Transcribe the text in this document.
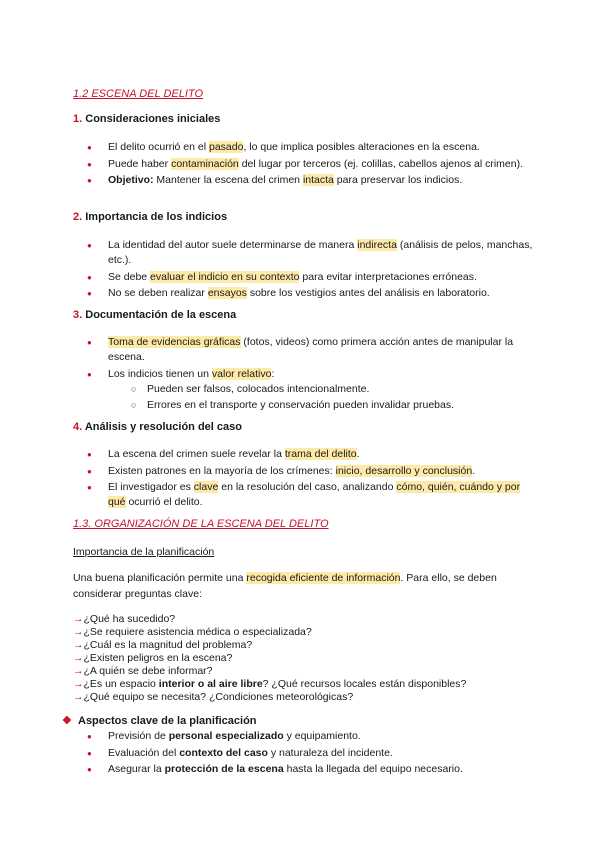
1.2 ESCENA DEL DELITO
1. Consideraciones iniciales
● El delito ocurrió en el pasado, lo que implica posibles alteraciones en la escena.
● Puede haber contaminación del lugar por terceros (ej. colillas, cabellos ajenos al crimen).
● Objetivo: Mantener la escena del crimen intacta para preservar los indicios.
2. Importancia de los indicios
● La identidad del autor suele determinarse de manera indirecta (análisis de pelos, manchas, etc.).
● Se debe evaluar el indicio en su contexto para evitar interpretaciones erróneas.
● No se deben realizar ensayos sobre los vestigios antes del análisis en laboratorio.
3. Documentación de la escena
● Toma de evidencias gráficas (fotos, videos) como primera acción antes de manipular la escena.
● Los indicios tienen un valor relativo:
○ Pueden ser falsos, colocados intencionalmente.
○ Errores en el transporte y conservación pueden invalidar pruebas.
4. Análisis y resolución del caso
● La escena del crimen suele revelar la trama del delito.
● Existen patrones en la mayoría de los crímenes: inicio, desarrollo y conclusión.
● El investigador es clave en la resolución del caso, analizando cómo, quién, cuándo y por qué ocurrió el delito.
1.3. ORGANIZACIÓN DE LA ESCENA DEL DELITO
Importancia de la planificación
Una buena planificación permite una recogida eficiente de información. Para ello, se deben considerar preguntas clave:
→¿Qué ha sucedido?
→¿Se requiere asistencia médica o especializada?
→¿Cuál es la magnitud del problema?
→¿Existen peligros en la escena?
→¿A quién se debe informar?
→¿Es un espacio interior o al aire libre? ¿Qué recursos locales están disponibles?
→¿Qué equipo se necesita? ¿Condiciones meteorológicas?
❖ Aspectos clave de la planificación
● Previsión de personal especializado y equipamiento.
● Evaluación del contexto del caso y naturaleza del incidente.
● Asegurar la protección de la escena hasta la llegada del equipo necesario.
